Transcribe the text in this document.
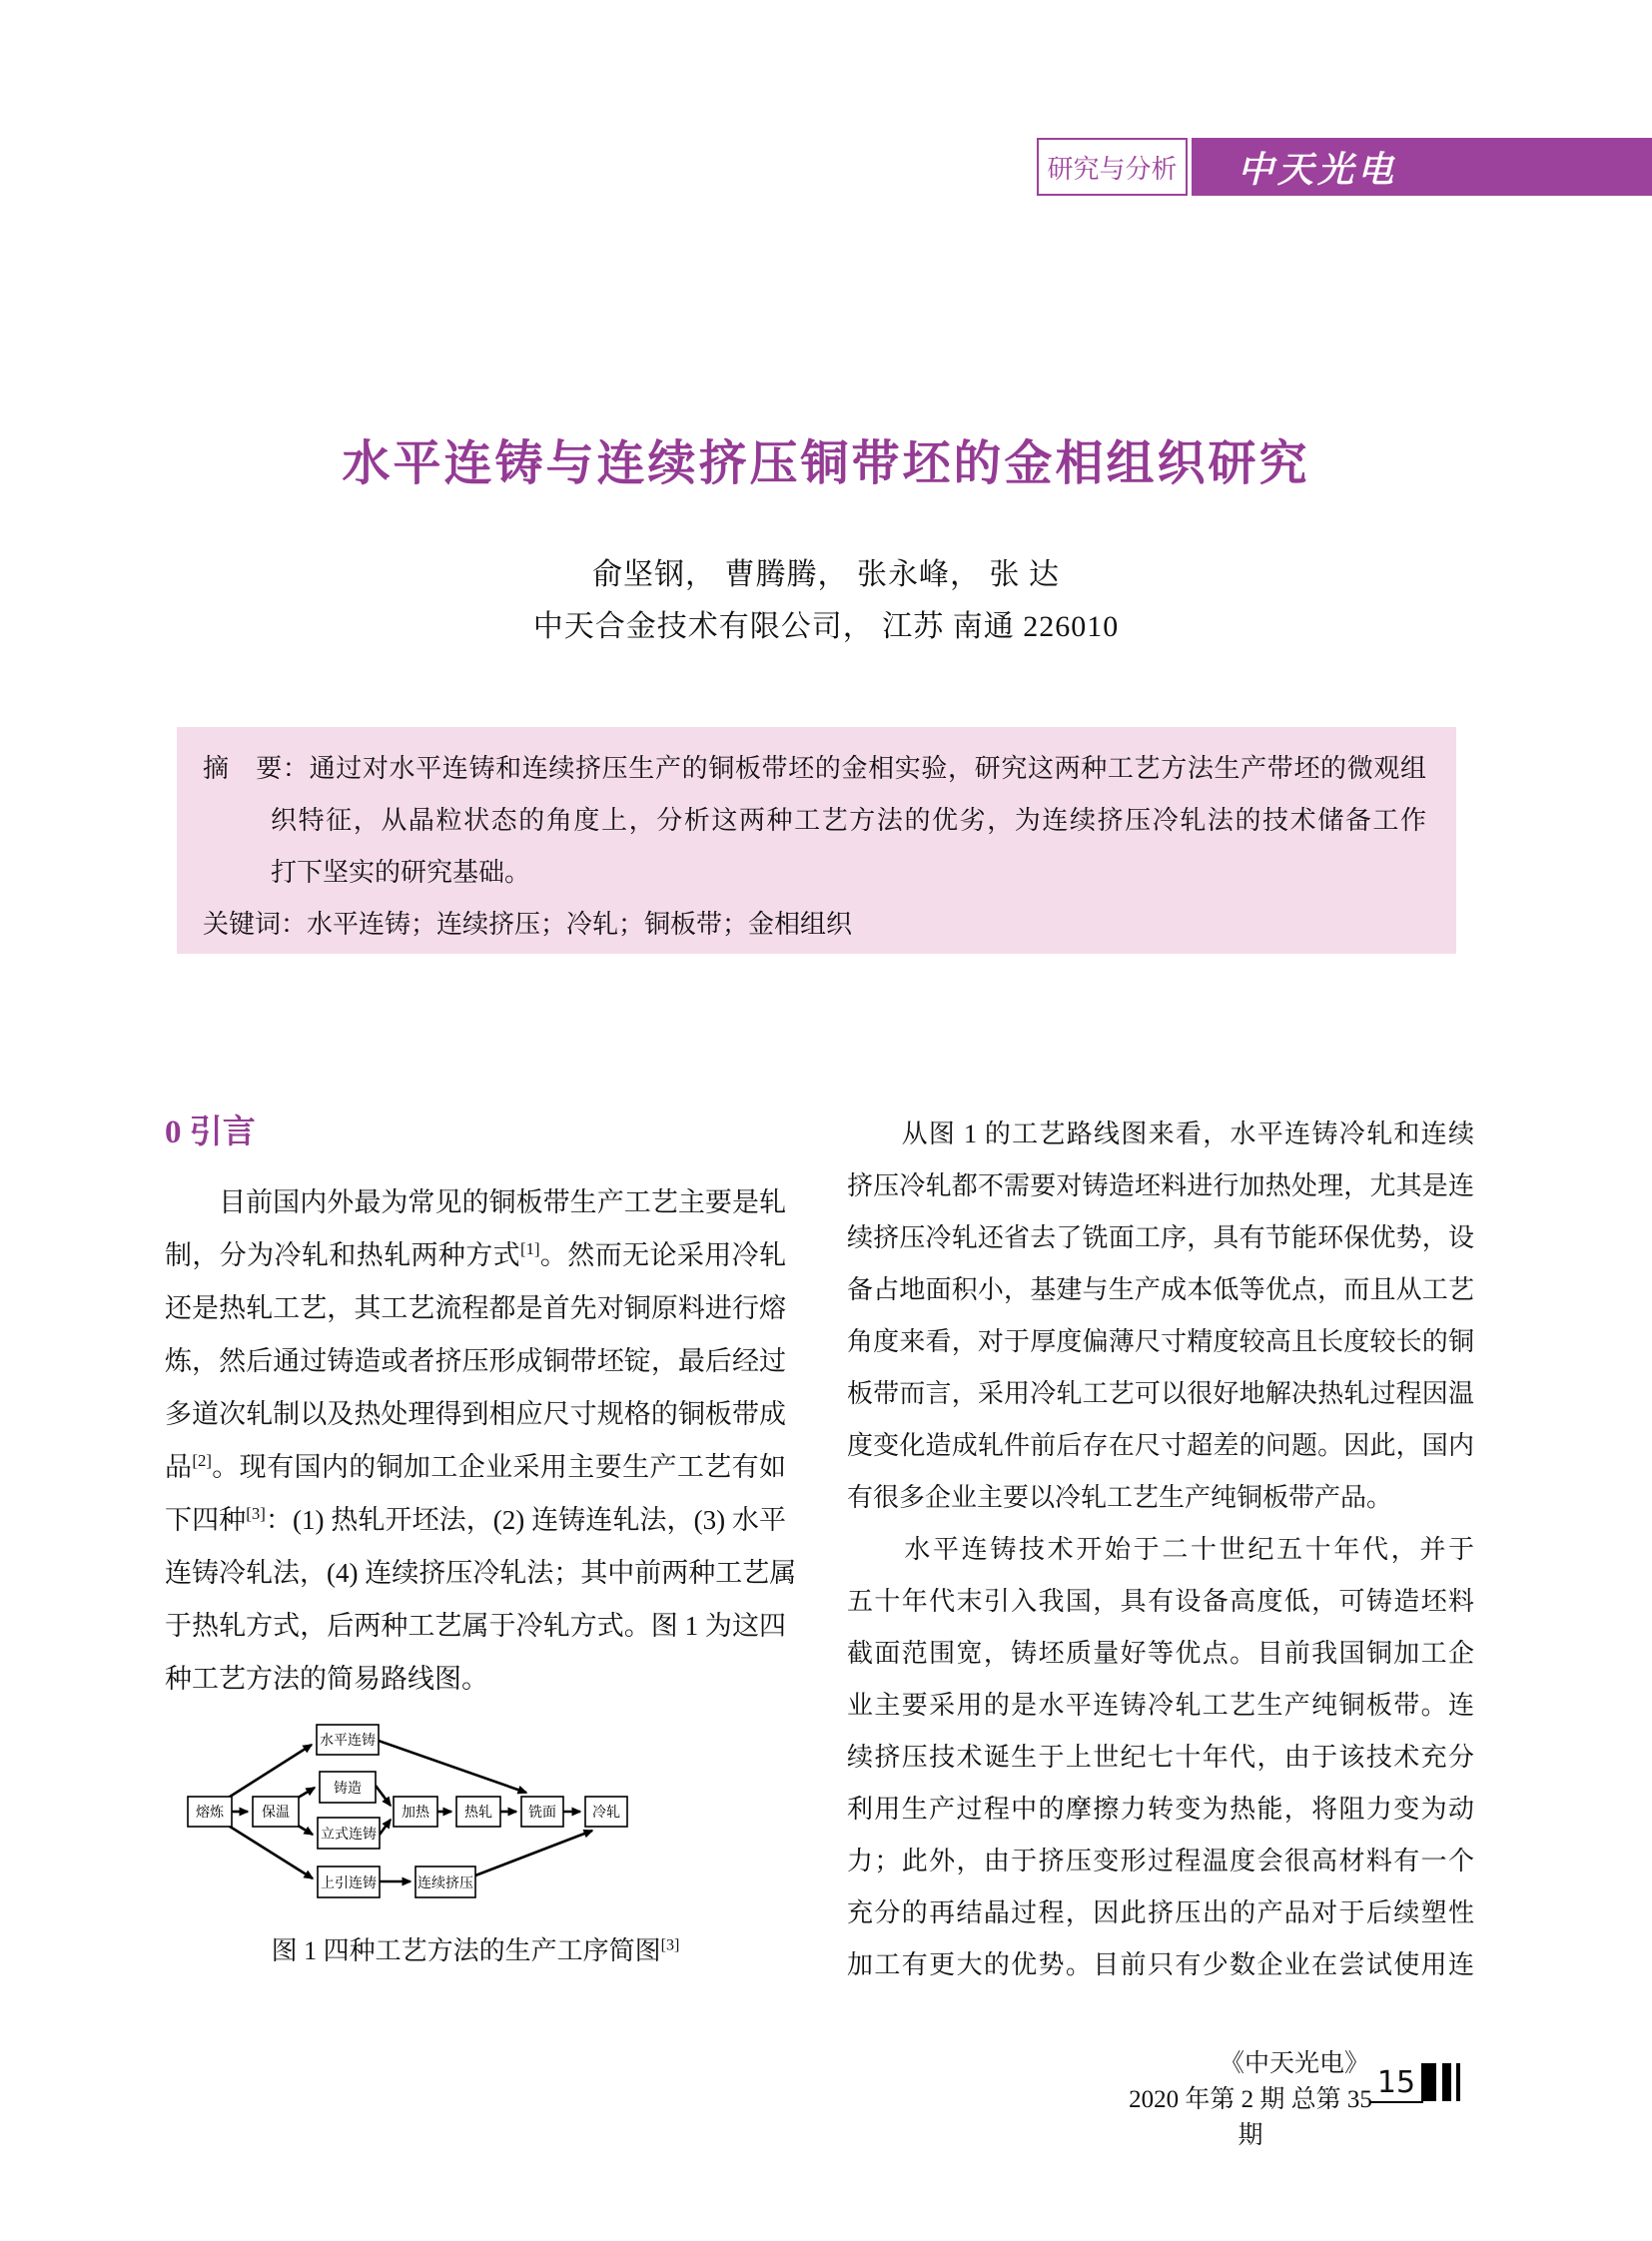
研究与分析 中天光电
水平连铸与连续挤压铜带坯的金相组织研究
俞坚钢， 曹腾腾， 张永峰， 张 达
中天合金技术有限公司， 江苏 南通 226010
摘　要：通过对水平连铸和连续挤压生产的铜板带坯的金相实验，研究这两种工艺方法生产带坯的微观组
织特征，从晶粒状态的角度上，分析这两种工艺方法的优劣，为连续挤压冷轧法的技术储备工作
打下坚实的研究基础。
关键词：水平连铸；连续挤压；冷轧；铜板带；金相组织
0 引言
　　目前国内外最为常见的铜板带生产工艺主要是轧
制，分为冷轧和热轧两种方式[1]。然而无论采用冷轧
还是热轧工艺，其工艺流程都是首先对铜原料进行熔
炼，然后通过铸造或者挤压形成铜带坯锭，最后经过
多道次轧制以及热处理得到相应尺寸规格的铜板带成
品[2]。现有国内的铜加工企业采用主要生产工艺有如
下四种[3]：(1) 热轧开坯法，(2) 连铸连轧法，(3) 水平
连铸冷轧法，(4) 连续挤压冷轧法；其中前两种工艺属
于热轧方式，后两种工艺属于冷轧方式。图 1 为这四
种工艺方法的简易路线图。
熔炼	保温
水平连铸
铸造
立式连铸
加热	热轧	铣面	冷轧
上引连铸	连续挤压
图 1 四种工艺方法的生产工序简图[3]
　　从图 1 的工艺路线图来看，水平连铸冷轧和连续
挤压冷轧都不需要对铸造坯料进行加热处理，尤其是连
续挤压冷轧还省去了铣面工序，具有节能环保优势，设
备占地面积小，基建与生产成本低等优点，而且从工艺
角度来看，对于厚度偏薄尺寸精度较高且长度较长的铜
板带而言，采用冷轧工艺可以很好地解决热轧过程因温
度变化造成轧件前后存在尺寸超差的问题。因此，国内
有很多企业主要以冷轧工艺生产纯铜板带产品。
　　水平连铸技术开始于二十世纪五十年代，并于
五十年代末引入我国，具有设备高度低，可铸造坯料
截面范围宽，铸坯质量好等优点。目前我国铜加工企
业主要采用的是水平连铸冷轧工艺生产纯铜板带。连
续挤压技术诞生于上世纪七十年代，由于该技术充分
利用生产过程中的摩擦力转变为热能，将阻力变为动
力；此外，由于挤压变形过程温度会很高材料有一个
充分的再结晶过程，因此挤压出的产品对于后续塑性
加工有更大的优势。目前只有少数企业在尝试使用连
《中天光电》
2020 年第 2 期 总第 35 期
15
